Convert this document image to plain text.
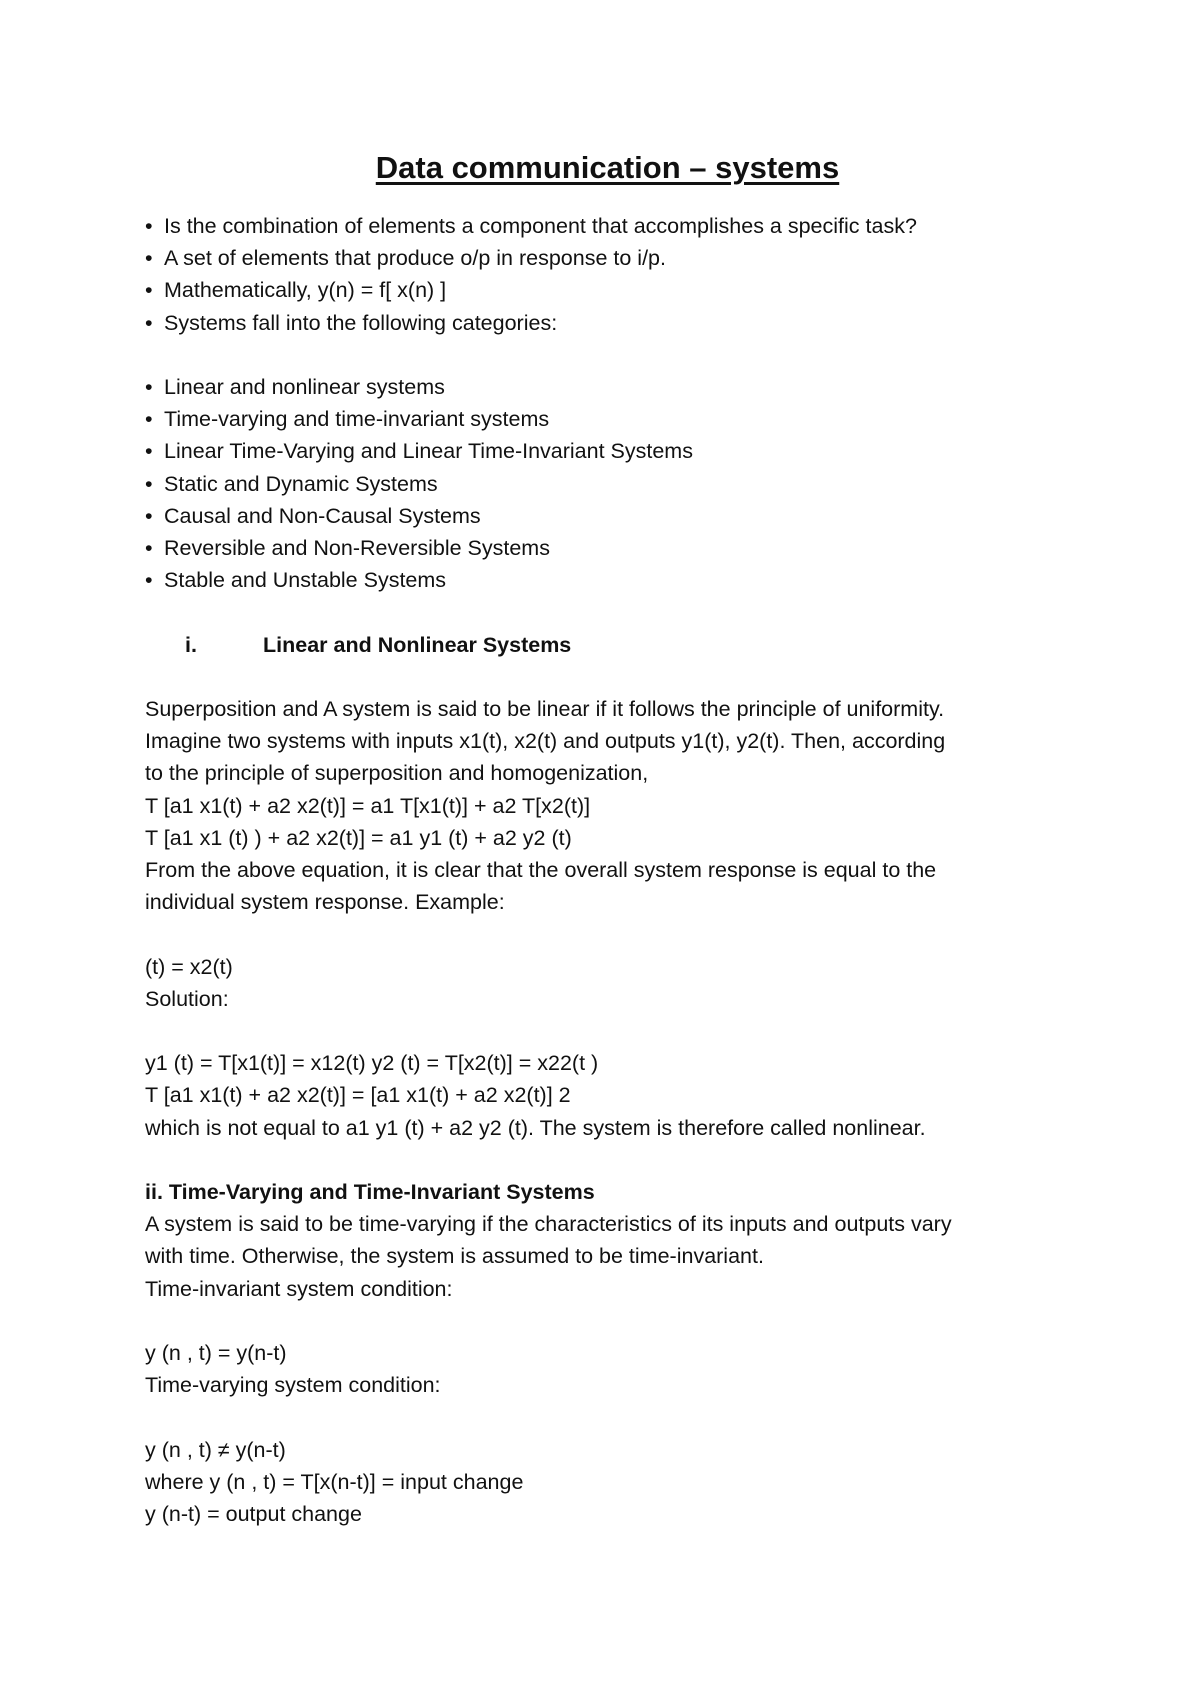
Data communication – systems

• Is the combination of elements a component that accomplishes a specific task?

• A set of elements that produce o/p in response to i/p.

• Mathematically, y(n) = f[ x(n) ]

• Systems fall into the following categories:

• Linear and nonlinear systems

• Time-varying and time-invariant systems

• Linear Time-Varying and Linear Time-Invariant Systems

• Static and Dynamic Systems

• Causal and Non-Causal Systems

• Reversible and Non-Reversible Systems

• Stable and Unstable Systems

i.	Linear and Nonlinear Systems

Superposition and A system is said to be linear if it follows the principle of uniformity.

Imagine two systems with inputs x1(t), x2(t) and outputs y1(t), y2(t). Then, according

to the principle of superposition and homogenization,

T [a1 x1(t) + a2 x2(t)] = a1 T[x1(t)] + a2 T[x2(t)]

T [a1 x1 (t) ) + a2 x2(t)] = a1 y1 (t) + a2 y2 (t)

From the above equation, it is clear that the overall system response is equal to the

individual system response. Example:

(t) = x2(t)

Solution:

y1 (t) = T[x1(t)] = x12(t) y2 (t) = T[x2(t)] = x22(t )

T [a1 x1(t) + a2 x2(t)] = [a1 x1(t) + a2 x2(t)] 2

which is not equal to a1 y1 (t) + a2 y2 (t). The system is therefore called nonlinear.

ii. Time-Varying and Time-Invariant Systems

A system is said to be time-varying if the characteristics of its inputs and outputs vary

with time. Otherwise, the system is assumed to be time-invariant.

Time-invariant system condition:

y (n , t) = y(n-t)

Time-varying system condition:

y (n , t) ≠ y(n-t)

where y (n , t) = T[x(n-t)] = input change

y (n-t) = output change
